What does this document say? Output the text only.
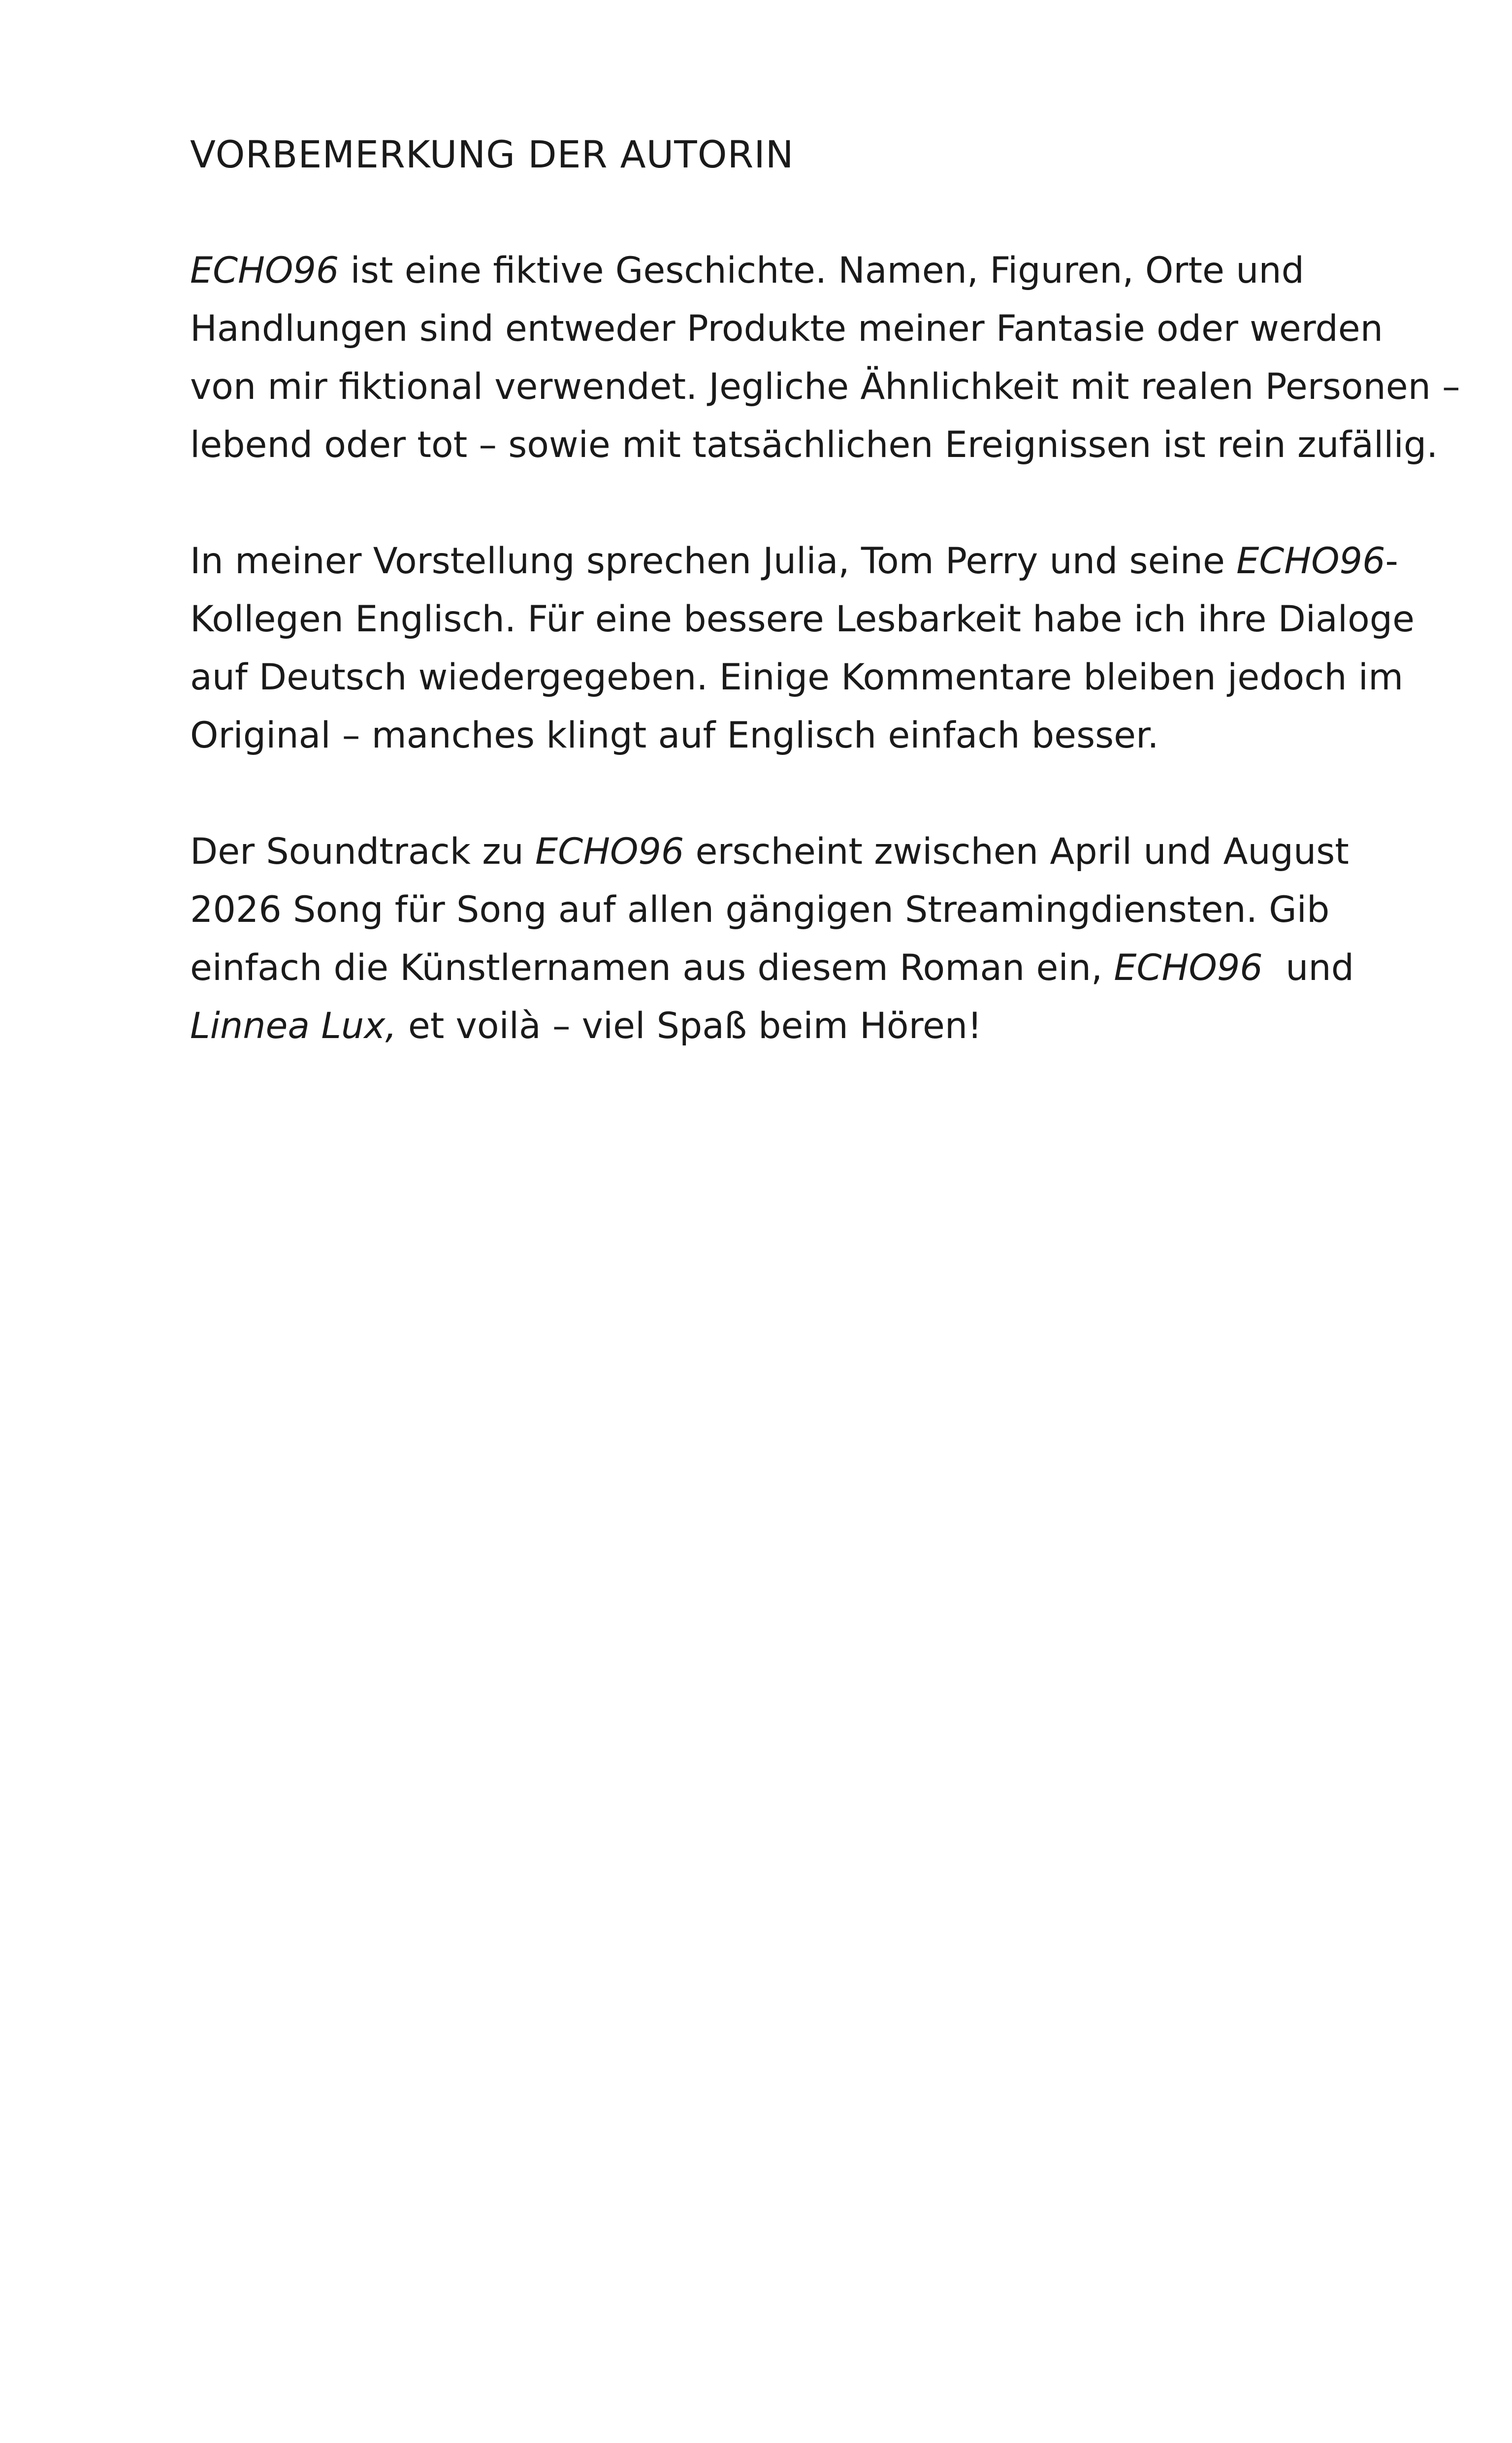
VORBEMERKUNG DER AUTORIN

ECHO96 ist eine fiktive Geschichte. Namen, Figuren, Orte und
Handlungen sind entweder Produkte meiner Fantasie oder werden
von mir fiktional verwendet. Jegliche Ähnlichkeit mit realen Personen –
lebend oder tot – sowie mit tatsächlichen Ereignissen ist rein zufällig.

In meiner Vorstellung sprechen Julia, Tom Perry und seine ECHO96-
Kollegen Englisch. Für eine bessere Lesbarkeit habe ich ihre Dialoge
auf Deutsch wiedergegeben. Einige Kommentare bleiben jedoch im
Original – manches klingt auf Englisch einfach besser.

Der Soundtrack zu ECHO96 erscheint zwischen April und August
2026 Song für Song auf allen gängigen Streamingdiensten. Gib
einfach die Künstlernamen aus diesem Roman ein, ECHO96  und
Linnea Lux, et voilà – viel Spaß beim Hören!
